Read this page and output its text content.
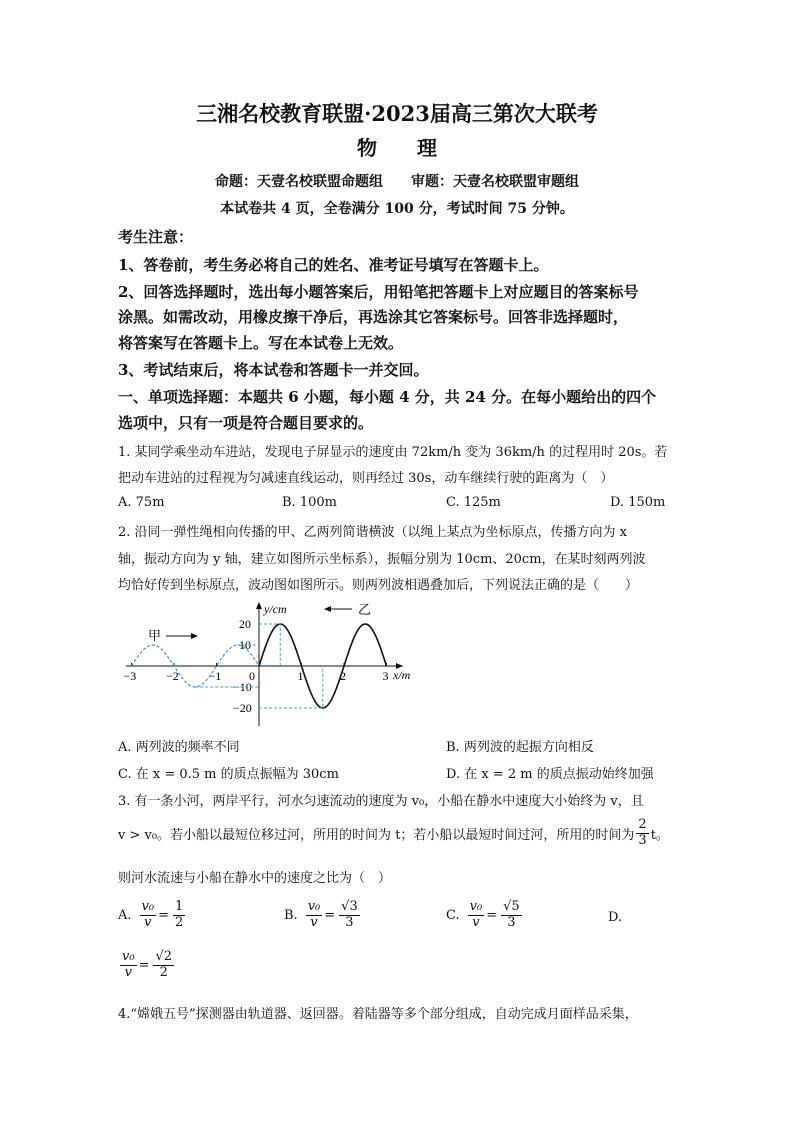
三湘名校教育联盟·2023届高三第次大联考
物　　理
命题：天壹名校联盟命题组　　审题：天壹名校联盟审题组
本试卷共 4 页，全卷满分 100 分，考试时间 75 分钟。
考生注意：
1、答卷前，考生务必将自己的姓名、准考证号填写在答题卡上。
2、回答选择题时，选出每小题答案后，用铅笔把答题卡上对应题目的答案标号
涂黑。如需改动，用橡皮擦干净后，再选涂其它答案标号。回答非选择题时，
将答案写在答题卡上。写在本试卷上无效。
3、考试结束后，将本试卷和答题卡一并交回。
一、单项选择题：本题共 6 小题，每小题 4 分，共 24 分。在每小题给出的四个
选项中，只有一项是符合题目要求的。
1. 某同学乘坐动车进站，发现电子屏显示的速度由 72km/h 变为 36km/h 的过程用时 20s。若
把动车进站的过程视为匀减速直线运动，则再经过 30s，动车继续行驶的距离为（　）
A. 75m	B. 100m	C. 125m	D. 150m
2. 沿同一弹性绳相向传播的甲、乙两列简谐横波（以绳上某点为坐标原点，传播方向为 x
轴，振动方向为 y 轴，建立如图所示坐标系），振幅分别为 10cm、20cm，在某时刻两列波
均恰好传到坐标原点，波动图如图所示。则两列波相遇叠加后，下列说法正确的是（　　）
y/cm
x/m
−3 −2 −1 0	1	2	3
20
10
−10
−20
甲
乙
A. 两列波的频率不同	B. 两列波的起振方向相反
C. 在 x = 0.5 m 的质点振幅为 30cm	D. 在 x = 2 m 的质点振动始终加强
3. 有一条小河，两岸平行，河水匀速流动的速度为 v₀，小船在静水中速度大小始终为 v，且
v > v₀。若小船以最短位移过河，所用的时间为 t；若小船以最短时间过河，所用的时间为 $\frac{2}{3}$ t。
则河水流速与小船在静水中的速度之比为（　）
A. $\frac{\text{v₀}}{v} = \frac{1}{2}$	B. $\frac{\text{v₀}}{v} = \frac{√3}{3}$	C. $\frac{\text{v₀}}{v} = \frac{√5}{3}$	D.
$\frac{\text{v₀}}{v} = \frac{√2}{2}$
4.“嫦娥五号”探测器由轨道器、返回器。着陆器等多个部分组成，自动完成月面样品采集，
